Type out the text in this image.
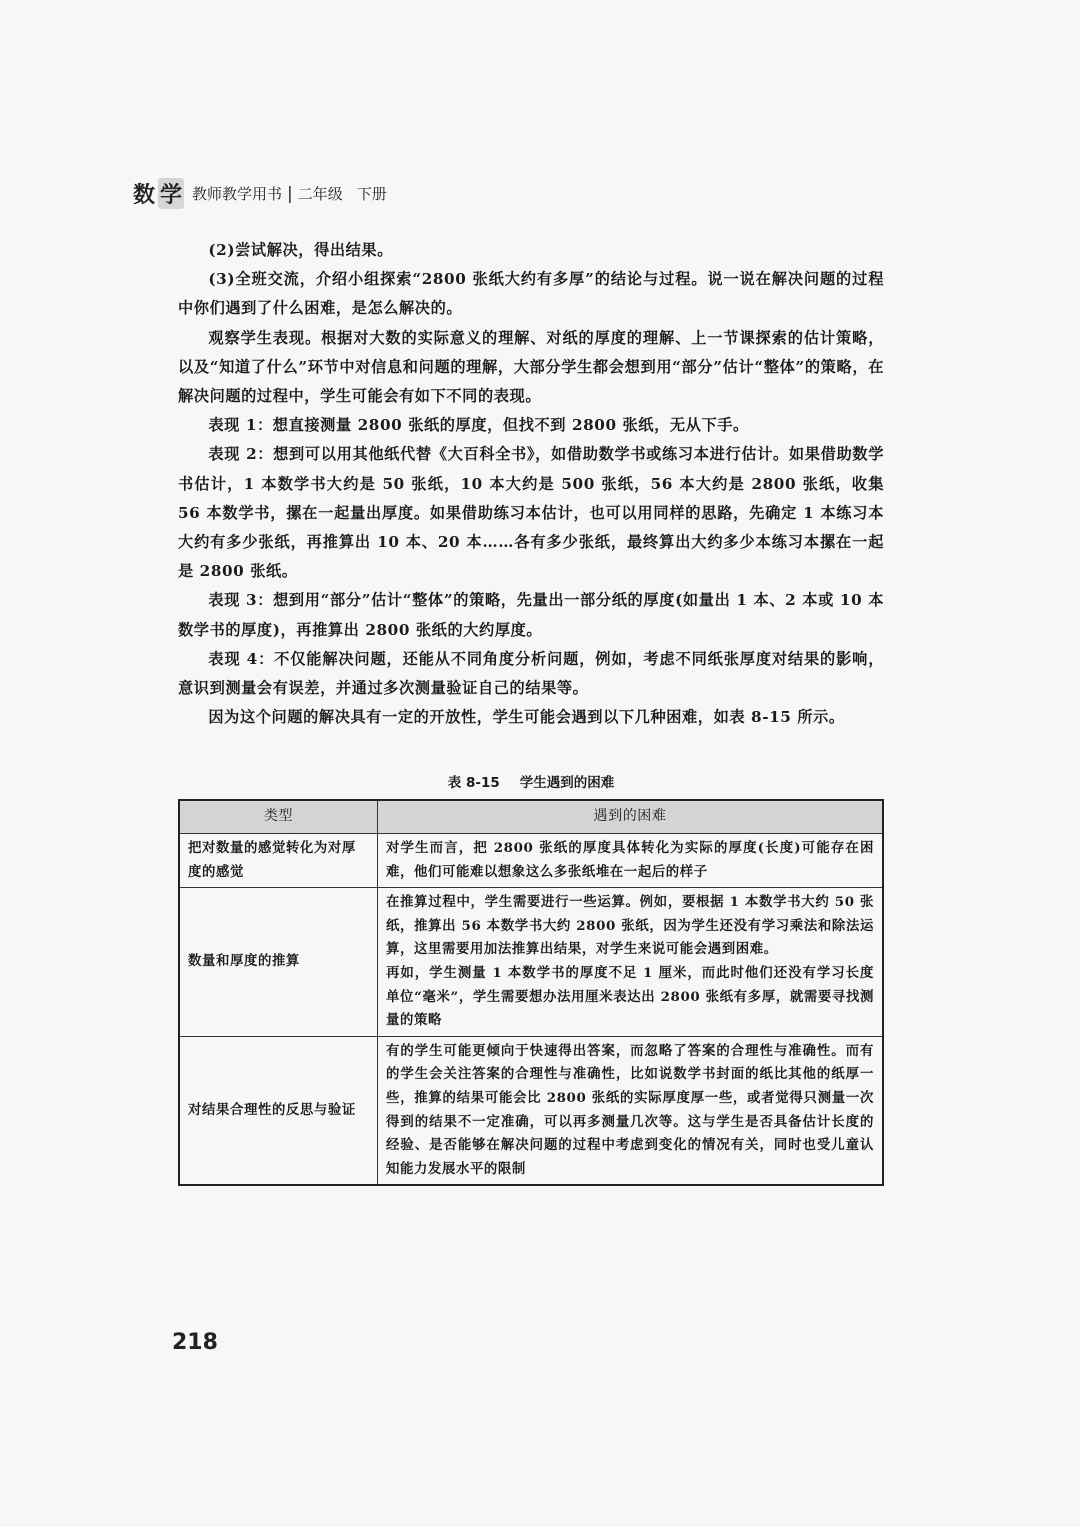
数 学 教师教学用书 | 二年级 下册

(2)尝试解决，得出结果。

(3)全班交流，介绍小组探索“2800 张纸大约有多厚”的结论与过程。说一说在解决问题的过程中你们遇到了什么困难，是怎么解决的。

观察学生表现。根据对大数的实际意义的理解、对纸的厚度的理解、上一节课探索的估计策略，以及“知道了什么”环节中对信息和问题的理解，大部分学生都会想到用“部分”估计“整体”的策略，在解决问题的过程中，学生可能会有如下不同的表现。

表现 1：想直接测量 2800 张纸的厚度，但找不到 2800 张纸，无从下手。

表现 2：想到可以用其他纸代替《大百科全书》，如借助数学书或练习本进行估计。如果借助数学书估计，1 本数学书大约是 50 张纸，10 本大约是 500 张纸，56 本大约是 2800 张纸，收集 56 本数学书，摞在一起量出厚度。如果借助练习本估计，也可以用同样的思路，先确定 1 本练习本大约有多少张纸，再推算出 10 本、20 本……各有多少张纸，最终算出大约多少本练习本摞在一起是 2800 张纸。

表现 3：想到用“部分”估计“整体”的策略，先量出一部分纸的厚度(如量出 1 本、2 本或 10 本数学书的厚度)，再推算出 2800 张纸的大约厚度。

表现 4：不仅能解决问题，还能从不同角度分析问题，例如，考虑不同纸张厚度对结果的影响，意识到测量会有误差，并通过多次测量验证自己的结果等。

因为这个问题的解决具有一定的开放性，学生可能会遇到以下几种困难，如表 8-15 所示。

表 8-15 学生遇到的困难
类型	遇到的困难
把对数量的感觉转化为对厚度的感觉	对学生而言，把 2800 张纸的厚度具体转化为实际的厚度(长度)可能存在困难，他们可能难以想象这么多张纸堆在一起后的样子
数量和厚度的推算	在推算过程中，学生需要进行一些运算。例如，要根据 1 本数学书大约 50 张纸，推算出 56 本数学书大约 2800 张纸，因为学生还没有学习乘法和除法运算，这里需要用加法推算出结果，对学生来说可能会遇到困难。
再如，学生测量 1 本数学书的厚度不足 1 厘米，而此时他们还没有学习长度单位“毫米”，学生需要想办法用厘米表达出 2800 张纸有多厚，就需要寻找测量的策略

对结果合理性的反思与验证	有的学生可能更倾向于快速得出答案，而忽略了答案的合理性与准确性。而有的学生会关注答案的合理性与准确性，比如说数学书封面的纸比其他的纸厚一些，推算的结果可能会比 2800 张纸的实际厚度厚一些，或者觉得只测量一次得到的结果不一定准确，可以再多测量几次等。这与学生是否具备估计长度的经验、是否能够在解决问题的过程中考虑到变化的情况有关，同时也受儿童认知能力发展水平的限制
218
